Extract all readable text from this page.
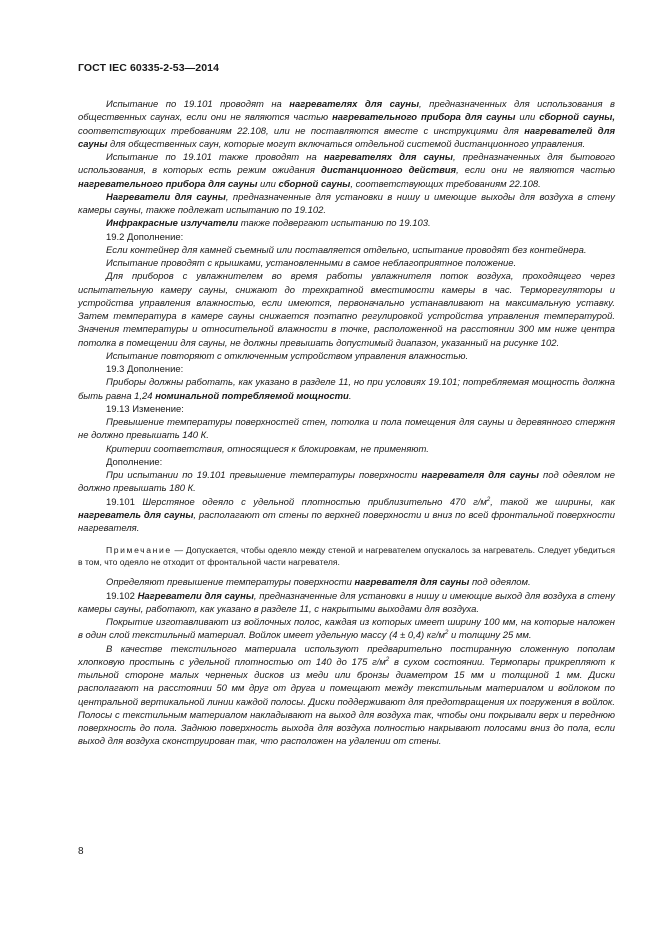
ГОСТ IEC 60335-2-53—2014

Испытание по 19.101 проводят на нагревателях для сауны, предназначенных для использования в общественных саунах, если они не являются частью нагревательного прибора для сауны или сборной сауны, соответствующих требованиям 22.108, или не поставляются вместе с инструкциями для нагревателей для сауны для общественных саун, которые могут включаться отдельной системой дистанционного управления.

Испытание по 19.101 также проводят на нагревателях для сауны, предназначенных для бытового использования, в которых есть режим ожидания дистанционного действия, если они не являются частью нагревательного прибора для сауны или сборной сауны, соответствующих требованиям 22.108.

Нагреватели для сауны, предназначенные для установки в нишу и имеющие выходы для воздуха в стену камеры сауны, также подлежат испытанию по 19.102.

Инфракрасные излучатели также подвергают испытанию по 19.103.

19.2 Дополнение:

Если контейнер для камней съемный или поставляется отдельно, испытание проводят без контейнера.

Испытание проводят с крышками, установленными в самое неблагоприятное положение.

Для приборов с увлажнителем во время работы увлажнителя поток воздуха, проходящего через испытательную камеру сауны, снижают до трехкратной вместимости камеры в час. Терморегуляторы и устройства управления влажностью, если имеются, первоначально устанавливают на максимальную уставку. Затем температура в камере сауны снижается поэтапно регулировкой устройства управления температурой. Значения температуры и относительной влажности в точке, расположенной на расстоянии 300 мм ниже центра потолка в помещении для сауны, не должны превышать допустимый диапазон, указанный на рисунке 102.

Испытание повторяют с отключенным устройством управления влажностью.

19.3 Дополнение:

Приборы должны работать, как указано в разделе 11, но при условиях 19.101; потребляемая мощность должна быть равна 1,24 номинальной потребляемой мощности.

19.13 Изменение:

Превышение температуры поверхностей стен, потолка и пола помещения для сауны и деревянного стержня не должно превышать 140 К.

Критерии соответствия, относящиеся к блокировкам, не применяют.

Дополнение:

При испытании по 19.101 превышение температуры поверхности нагревателя для сауны под одеялом не должно превышать 180 К.

19.101 Шерстяное одеяло с удельной плотностью приблизительно 470 $г/м^2$, такой же ширины, как нагреватель для сауны, располагают от стены по верхней поверхности и вниз по всей фронтальной поверхности нагревателя.

Примечание — Допускается, чтобы одеяло между стеной и нагревателем опускалось за нагреватель. Следует убедиться в том, что одеяло не отходит от фронтальной части нагревателя.

Определяют превышение температуры поверхности нагревателя для сауны под одеялом.

19.102 Нагреватели для сауны, предназначенные для установки в нишу и имеющие выход для воздуха в стену камеры сауны, работают, как указано в разделе 11, с накрытыми выходами для воздуха.

Покрытие изготавливают из войлочных полос, каждая из которых имеет ширину 100 мм, на которые наложен в один слой текстильный материал. Войлок имеет удельную массу (4 ± 0,4) $кг/м^2$ и толщину 25 мм.

В качестве текстильного материала используют предварительно постиранную сложенную пополам хлопковую простынь с удельной плотностью от 140 до 175 $г/м^2$ в сухом состоянии. Термопары прикрепляют к тыльной стороне малых черненых дисков из меди или бронзы диаметром 15 мм и толщиной 1 мм. Диски располагают на расстоянии 50 мм друг от друга и помещают между текстильным материалом и войлоком по центральной вертикальной линии каждой полосы. Диски поддерживают для предотвращения их погружения в войлок. Полосы с текстильным материалом накладывают на выход для воздуха так, чтобы они покрывали верх и переднюю поверхность до пола. Заднюю поверхность выхода для воздуха полностью накрывают полосами вниз до пола, если выход для воздуха сконструирован так, что расположен на удалении от стены.

8
